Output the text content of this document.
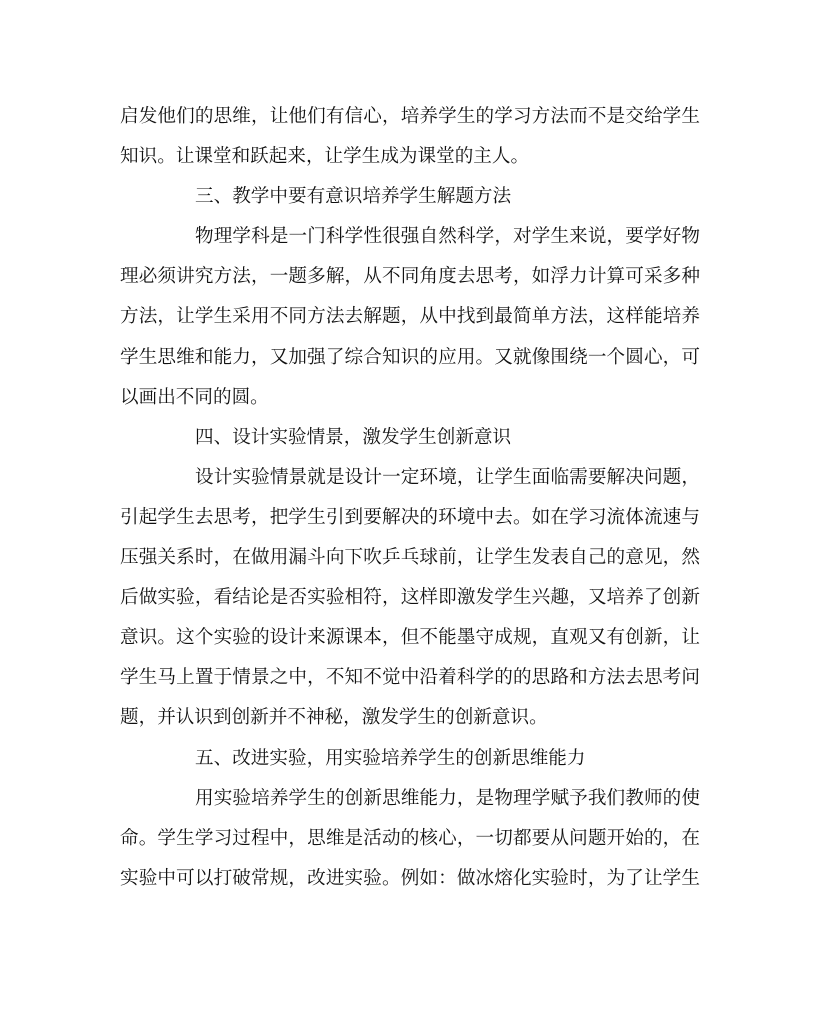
启发他们的思维，让他们有信心，培养学生的学习方法而不是交给学生
知识。让课堂和跃起来，让学生成为课堂的主人。

三、教学中要有意识培养学生解题方法

物理学科是一门科学性很强自然科学，对学生来说，要学好物
理必须讲究方法，一题多解，从不同角度去思考，如浮力计算可采多种
方法，让学生采用不同方法去解题，从中找到最简单方法，这样能培养
学生思维和能力，又加强了综合知识的应用。又就像围绕一个圆心，可
以画出不同的圆。

四、设计实验情景，激发学生创新意识

设计实验情景就是设计一定环境，让学生面临需要解决问题，
引起学生去思考，把学生引到要解决的环境中去。如在学习流体流速与
压强关系时，在做用漏斗向下吹乒乓球前，让学生发表自己的意见，然
后做实验，看结论是否实验相符，这样即激发学生兴趣，又培养了创新
意识。这个实验的设计来源课本，但不能墨守成规，直观又有创新，让
学生马上置于情景之中，不知不觉中沿着科学的的思路和方法去思考问
题，并认识到创新并不神秘，激发学生的创新意识。

五、改进实验，用实验培养学生的创新思维能力

用实验培养学生的创新思维能力，是物理学赋予我们教师的使
命。学生学习过程中，思维是活动的核心，一切都要从问题开始的，在
实验中可以打破常规，改进实验。例如：做冰熔化实验时，为了让学生
